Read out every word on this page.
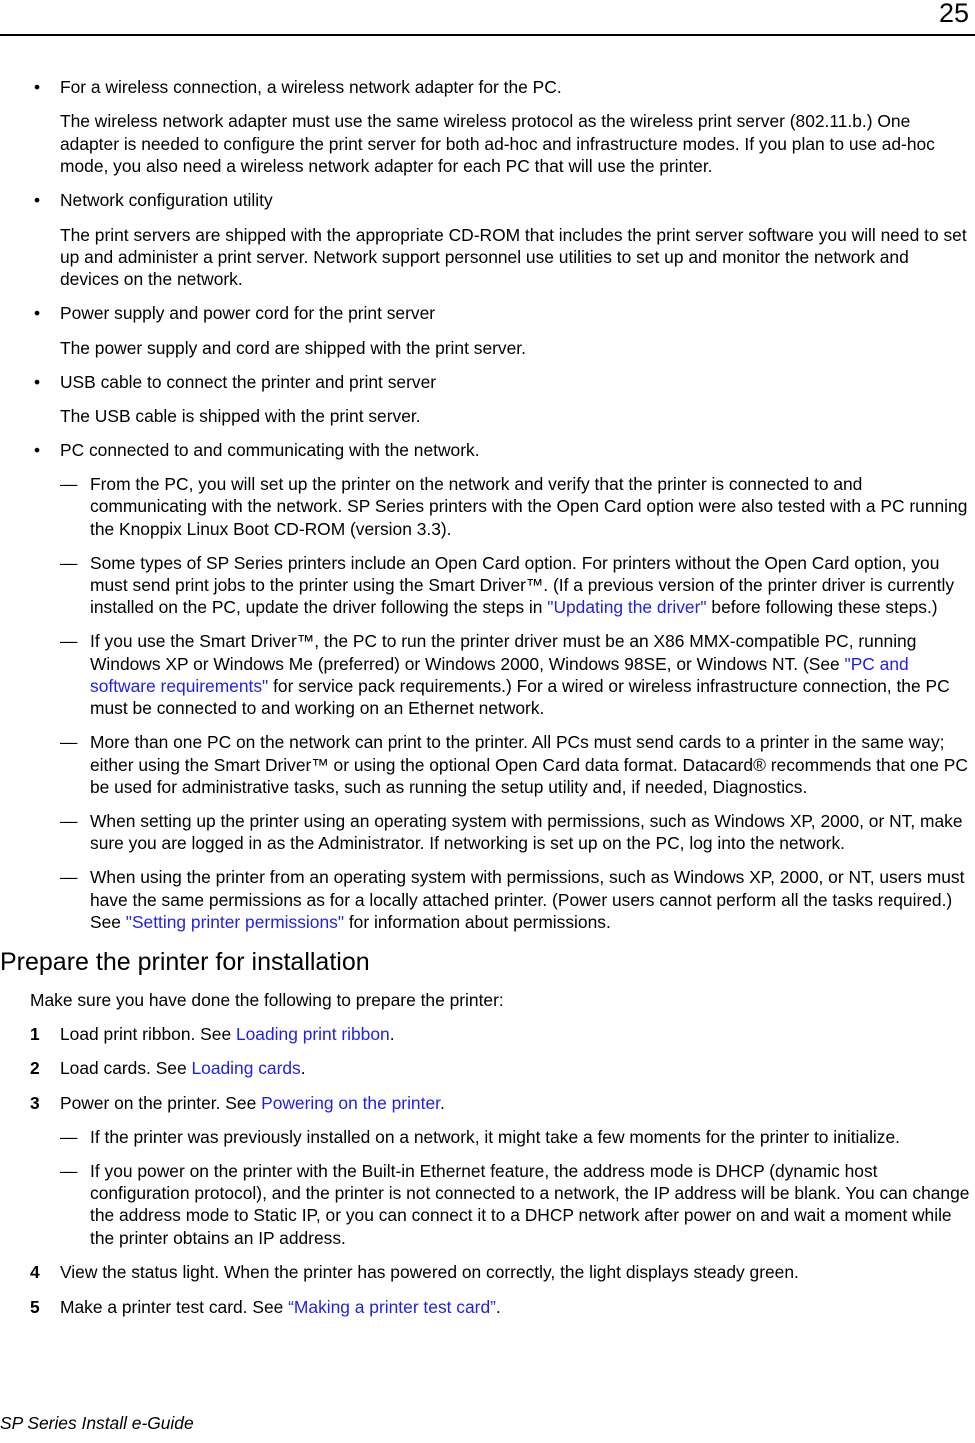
25
• For a wireless connection, a wireless network adapter for the PC.
The wireless network adapter must use the same wireless protocol as the wireless print server (802.11.b.) One adapter is needed to configure the print server for both ad-hoc and infrastructure modes. If you plan to use ad-hoc mode, you also need a wireless network adapter for each PC that will use the printer.
• Network configuration utility
The print servers are shipped with the appropriate CD-ROM that includes the print server software you will need to set up and administer a print server. Network support personnel use utilities to set up and monitor the network and devices on the network.
• Power supply and power cord for the print server
The power supply and cord are shipped with the print server.
• USB cable to connect the printer and print server
The USB cable is shipped with the print server.
• PC connected to and communicating with the network.
— From the PC, you will set up the printer on the network and verify that the printer is connected to and communicating with the network. SP Series printers with the Open Card option were also tested with a PC running the Knoppix Linux Boot CD-ROM (version 3.3).
— Some types of SP Series printers include an Open Card option. For printers without the Open Card option, you must send print jobs to the printer using the Smart Driver™. (If a previous version of the printer driver is currently installed on the PC, update the driver following the steps in "Updating the driver" before following these steps.)
— If you use the Smart Driver™, the PC to run the printer driver must be an X86 MMX-compatible PC, running Windows XP or Windows Me (preferred) or Windows 2000, Windows 98SE, or Windows NT. (See "PC and software requirements" for service pack requirements.) For a wired or wireless infrastructure connection, the PC must be connected to and working on an Ethernet network.
— More than one PC on the network can print to the printer. All PCs must send cards to a printer in the same way; either using the Smart Driver™ or using the optional Open Card data format. Datacard® recommends that one PC be used for administrative tasks, such as running the setup utility and, if needed, Diagnostics.
— When setting up the printer using an operating system with permissions, such as Windows XP, 2000, or NT, make sure you are logged in as the Administrator. If networking is set up on the PC, log into the network.
— When using the printer from an operating system with permissions, such as Windows XP, 2000, or NT, users must have the same permissions as for a locally attached printer. (Power users cannot perform all the tasks required.) See "Setting printer permissions" for information about permissions.
Prepare the printer for installation
Make sure you have done the following to prepare the printer:
1 Load print ribbon. See Loading print ribbon.
2 Load cards. See Loading cards.
3 Power on the printer. See Powering on the printer.
— If the printer was previously installed on a network, it might take a few moments for the printer to initialize.
— If you power on the printer with the Built-in Ethernet feature, the address mode is DHCP (dynamic host configuration protocol), and the printer is not connected to a network, the IP address will be blank. You can change the address mode to Static IP, or you can connect it to a DHCP network after power on and wait a moment while the printer obtains an IP address.
4 View the status light. When the printer has powered on correctly, the light displays steady green.
5 Make a printer test card. See “Making a printer test card”.
SP Series Install e-Guide
